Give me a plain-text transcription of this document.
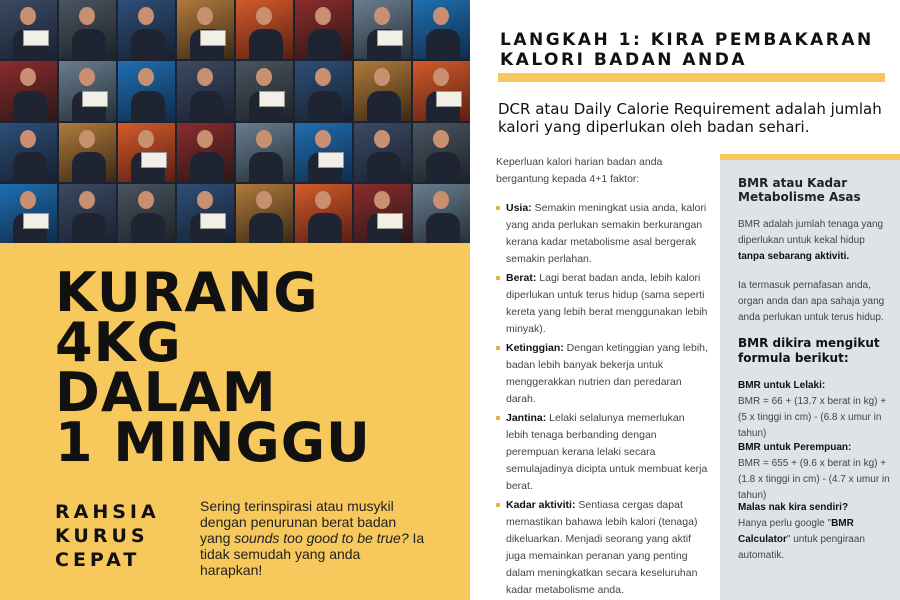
KURANG
4KG
DALAM
1 MINGGU
RAHSIA
KURUS
CEPAT

Sering terinspirasi atau musykil dengan penurunan berat badan yang sounds too good to be true? Ia tidak semudah yang anda harapkan!

LANGKAH 1: KIRA PEMBAKARAN
KALORI BADAN ANDA

DCR atau Daily Calorie Requirement adalah jumlah kalori yang diperlukan oleh badan sehari.

Keperluan kalori harian badan anda bergantung kepada 4+1 faktor:

Usia: Semakin meningkat usia anda, kalori yang anda perlukan semakin berkurangan kerana kadar metabolisme asal bergerak semakin perlahan.
Berat: Lagi berat badan anda, lebih kalori diperlukan untuk terus hidup (sama seperti kereta yang lebih berat menggunakan lebih minyak).
Ketinggian: Dengan ketinggian yang lebih, badan lebih banyak bekerja untuk menggerakkan nutrien dan peredaran darah.
Jantina: Lelaki selalunya memerlukan lebih tenaga berbanding dengan perempuan kerana lelaki secara semulajadinya dicipta untuk membuat kerja berat.
Kadar aktiviti: Sentiasa cergas dapat memastikan bahawa lebih kalori (tenaga) dikeluarkan. Menjadi seorang yang aktif juga memainkan peranan yang penting dalam meningkatkan secara keseluruhan kadar metabolisme anda.
BMR atau Kadar Metabolisme Asas

BMR adalah jumlah tenaga yang diperlukan untuk kekal hidup tanpa sebarang aktiviti.

Ia termasuk pernafasan anda, organ anda dan apa sahaja yang anda perlukan untuk terus hidup.

BMR dikira mengikut formula berikut:

BMR untuk Lelaki:

BMR = 66 + (13.7 x berat in kg) + (5 x tinggi in cm) - (6.8 x umur in tahun)

BMR untuk Perempuan:

BMR = 655 + (9.6 x berat in kg) + (1.8 x tinggi in cm) - (4.7 x umur in tahun)

Malas nak kira sendiri?

Hanya perlu google "BMR Calculator" untuk pengiraan automatik.
